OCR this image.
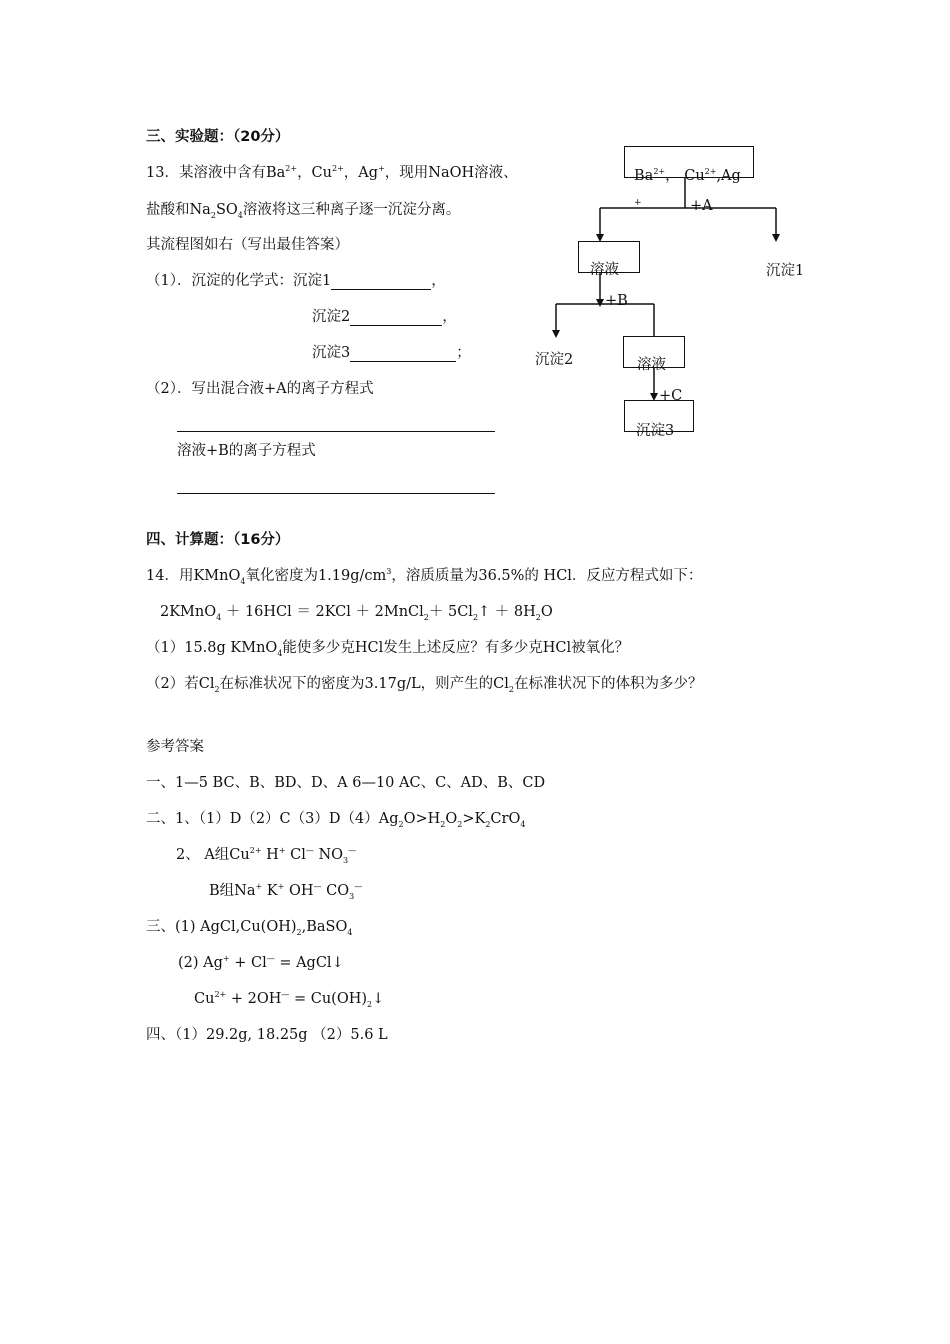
三、实验题：（20分）
13．某溶液中含有$Ba^{2+}$，$Cu^{2+}$，Ag+，现用NaOH溶液、
盐酸和$Na_2SO_4$溶液将这三种离子逐一沉淀分离。
其流程图如右（写出最佳答案）
（1）．沉淀的化学式：沉淀1	，
沉淀2	，
沉淀3	；
（2）．写出混合液+A的离子方程式
溶液+B的离子方程式
$Ba^{2+}$， $Cu^{2+},Ag$
+	+A
溶液	沉淀1
+B
沉淀2	溶液
+C
沉淀3
四、计算题：（16分）
14．用KMnO$_4$氧化密度为$1.19g/cm^3$，溶质质量为36.5%的 HCl．反应方程式如下：
2KMnO$_4$ ＋ 16HCl ＝ 2KCl ＋ 2MnCl$_2$＋ $5Cl_2↑ + 8H_2O$
（1）15.8g KMnO$_4$能使多少克HCl发生上述反应？有多少克HCl被氧化？
（2）若$Cl_2$在标准状况下的密度为3.17g/L，则产生的$Cl_2$在标准状况下的体积为多少？
参考答案
一、1—5 BC、B、BD、D、A 6—10 AC、C、AD、B、CD
二、1、$(1)D(2)C(3)D(4)Ag_2O>H_2O_2>K_2CrO_4$
2、 A组$Cu^{2+}$ H+ Cl— $NO_3^—$
B组Na+ K+ OH— $CO_3^—$
三、(1) $AgCl,Cu(OH)_2,BaSO_4$
(2) Ag+ + Cl— = AgCl↓
$Cu^{2+} + 2OH^—$ = $Cu(OH)_2↓$
四、（1）29.2g, 18.25g （2）5.6 L
